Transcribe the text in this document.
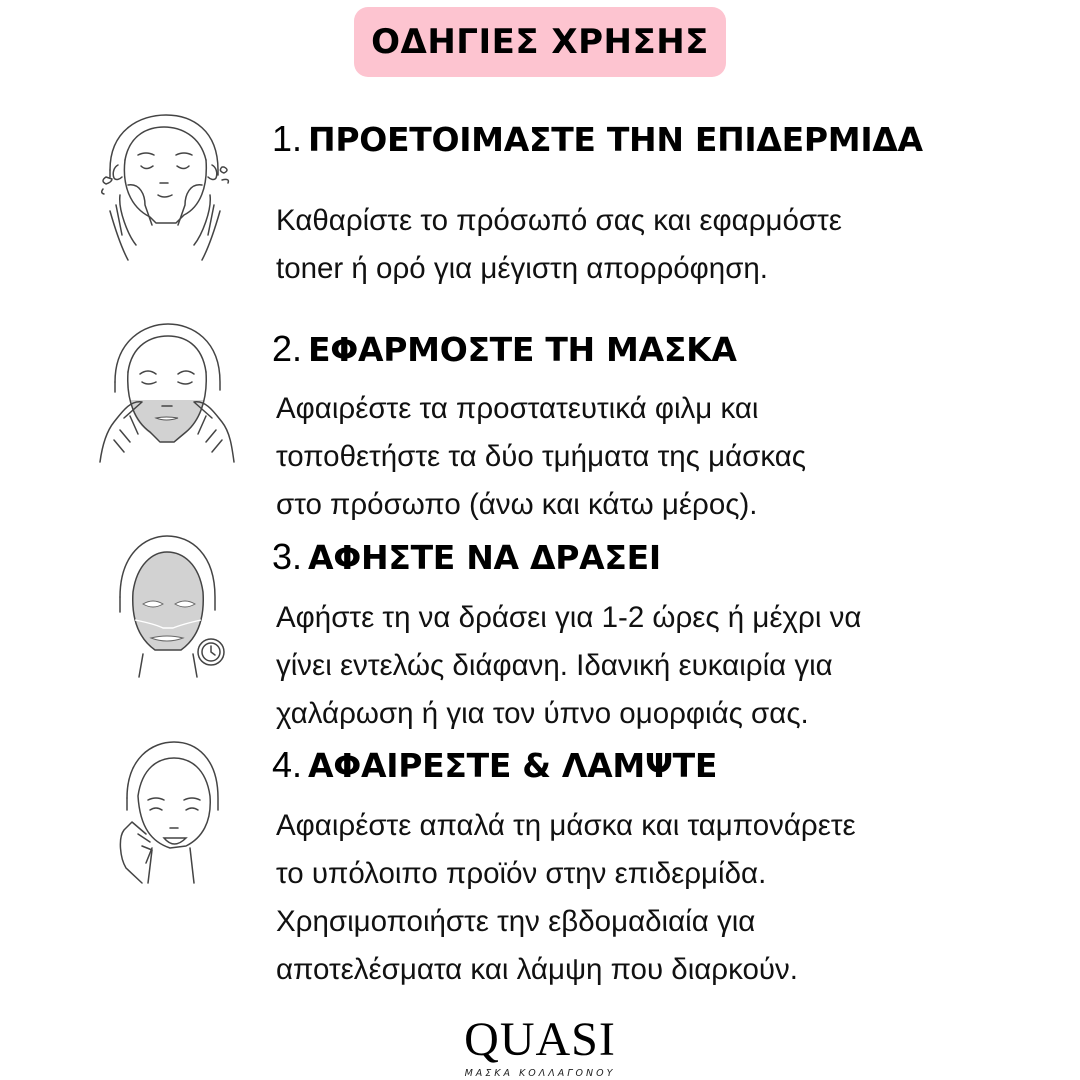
ΟΔΗΓΙΕΣ ΧΡΗΣΗΣ
1. ΠΡΟΕΤΟΙΜΑΣΤΕ ΤΗΝ ΕΠΙΔΕΡΜΙΔΑ
Καθαρίστε το πρόσωπό σας και εφαρμόστε
toner ή ορό για μέγιστη απορρόφηση.
2. ΕΦΑΡΜΟΣΤΕ ΤΗ ΜΑΣΚΑ
Αφαιρέστε τα προστατευτικά φιλμ και
τοποθετήστε τα δύο τμήματα της μάσκας
στο πρόσωπο (άνω και κάτω μέρος).
3. ΑΦΗΣΤΕ ΝΑ ΔΡΑΣΕΙ
Αφήστε τη να δράσει για 1-2 ώρες ή μέχρι να
γίνει εντελώς διάφανη. Ιδανική ευκαιρία για
χαλάρωση ή για τον ύπνο ομορφιάς σας.
4. ΑΦΑΙΡΕΣΤΕ & ΛΑΜΨΤΕ
Αφαιρέστε απαλά τη μάσκα και ταμπονάρετε
το υπόλοιπο προϊόν στην επιδερμίδα.
Χρησιμοποιήστε την εβδομαδιαία για
αποτελέσματα και λάμψη που διαρκούν.
QUASI
ΜΑΣΚΑ ΚΟΛΛΑΓΟΝΟΥ
